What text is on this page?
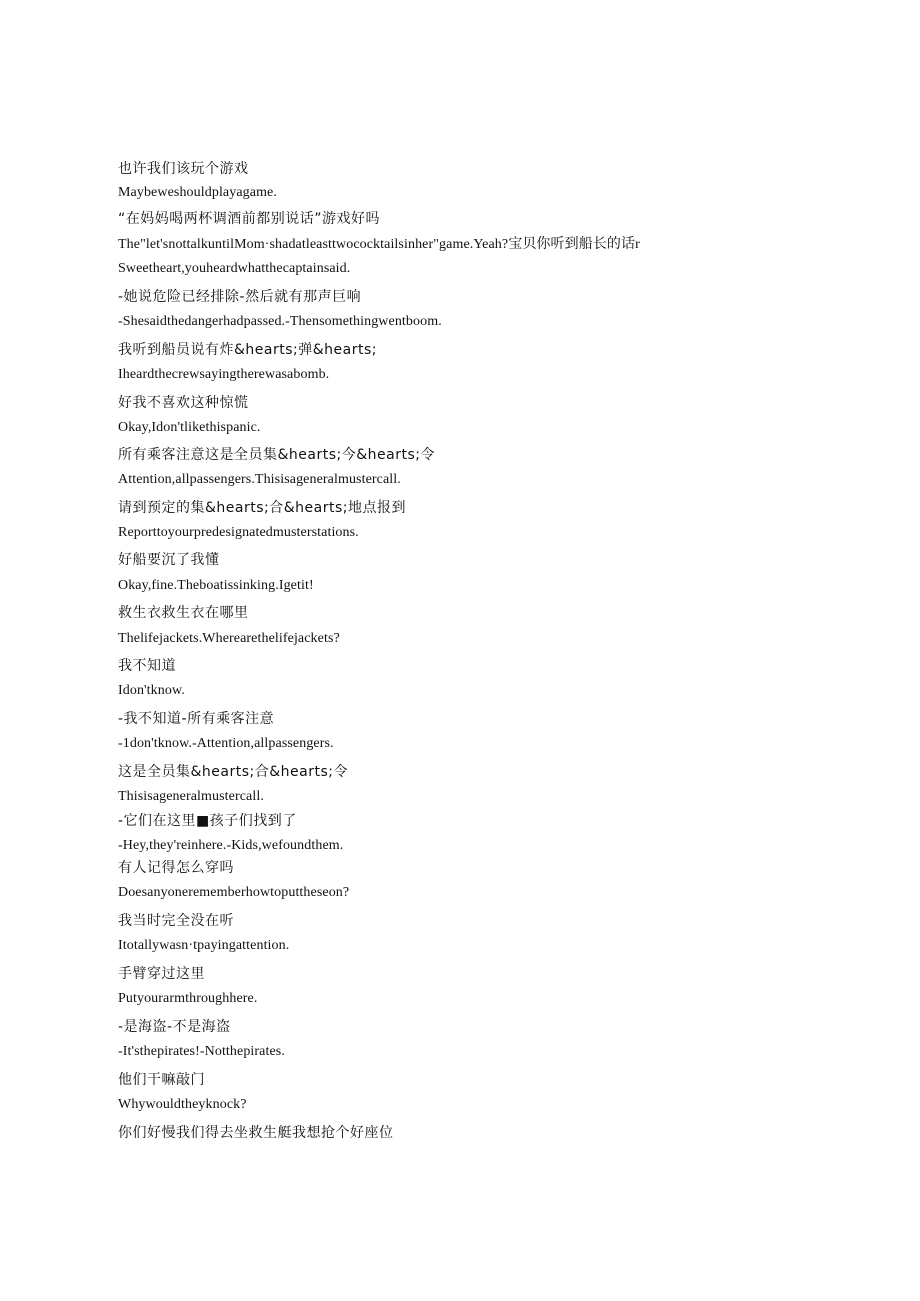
也许我们该玩个游戏
Maybeweshouldplayagame.
“在妈妈喝两杯调酒前都别说话”游戏好吗
The"let'snottalkuntilMom·shadatleasttwococktailsinher"game.Yeah?宝贝你听到船长的话r
Sweetheart,youheardwhatthecaptainsaid.
-她说危险已经排除-然后就有那声巨响
-Shesaidthedangerhadpassed.-Thensomethingwentboom.
我听到船员说有炸&hearts;弹&hearts;
Iheardthecrewsayingtherewasabomb.
好我不喜欢这种惊慌
Okay,Idon'tlikethispanic.
所有乘客注意这是全员集&hearts;今&hearts;令
Attention,allpassengers.Thisisageneralmustercall.
请到预定的集&hearts;合&hearts;地点报到
Reporttoyourpredesignatedmusterstations.
好船要沉了我懂
Okay,fine.Theboatissinking.Igetit!
救生衣救生衣在哪里
Thelifejackets.Wherearethelifejackets?
我不知道
Idon'tknow.
-我不知道-所有乘客注意
-1don'tknow.-Attention,allpassengers.
这是全员集&hearts;合&hearts;令
Thisisageneralmustercall.
-它们在这里■孩子们找到了
-Hey,they'reinhere.-Kids,wefoundthem.
有人记得怎么穿吗
Doesanyonerememberhowtoputtheseon?
我当时完全没在听
Itotallywasn·tpayingattention.
手臂穿过这里
Putyourarmthroughhere.
-是海盗-不是海盗
-It'sthepirates!-Notthepirates.
他们干嘛敲门
Whywouldtheyknock?
你们好慢我们得去坐救生艇我想抢个好座位
